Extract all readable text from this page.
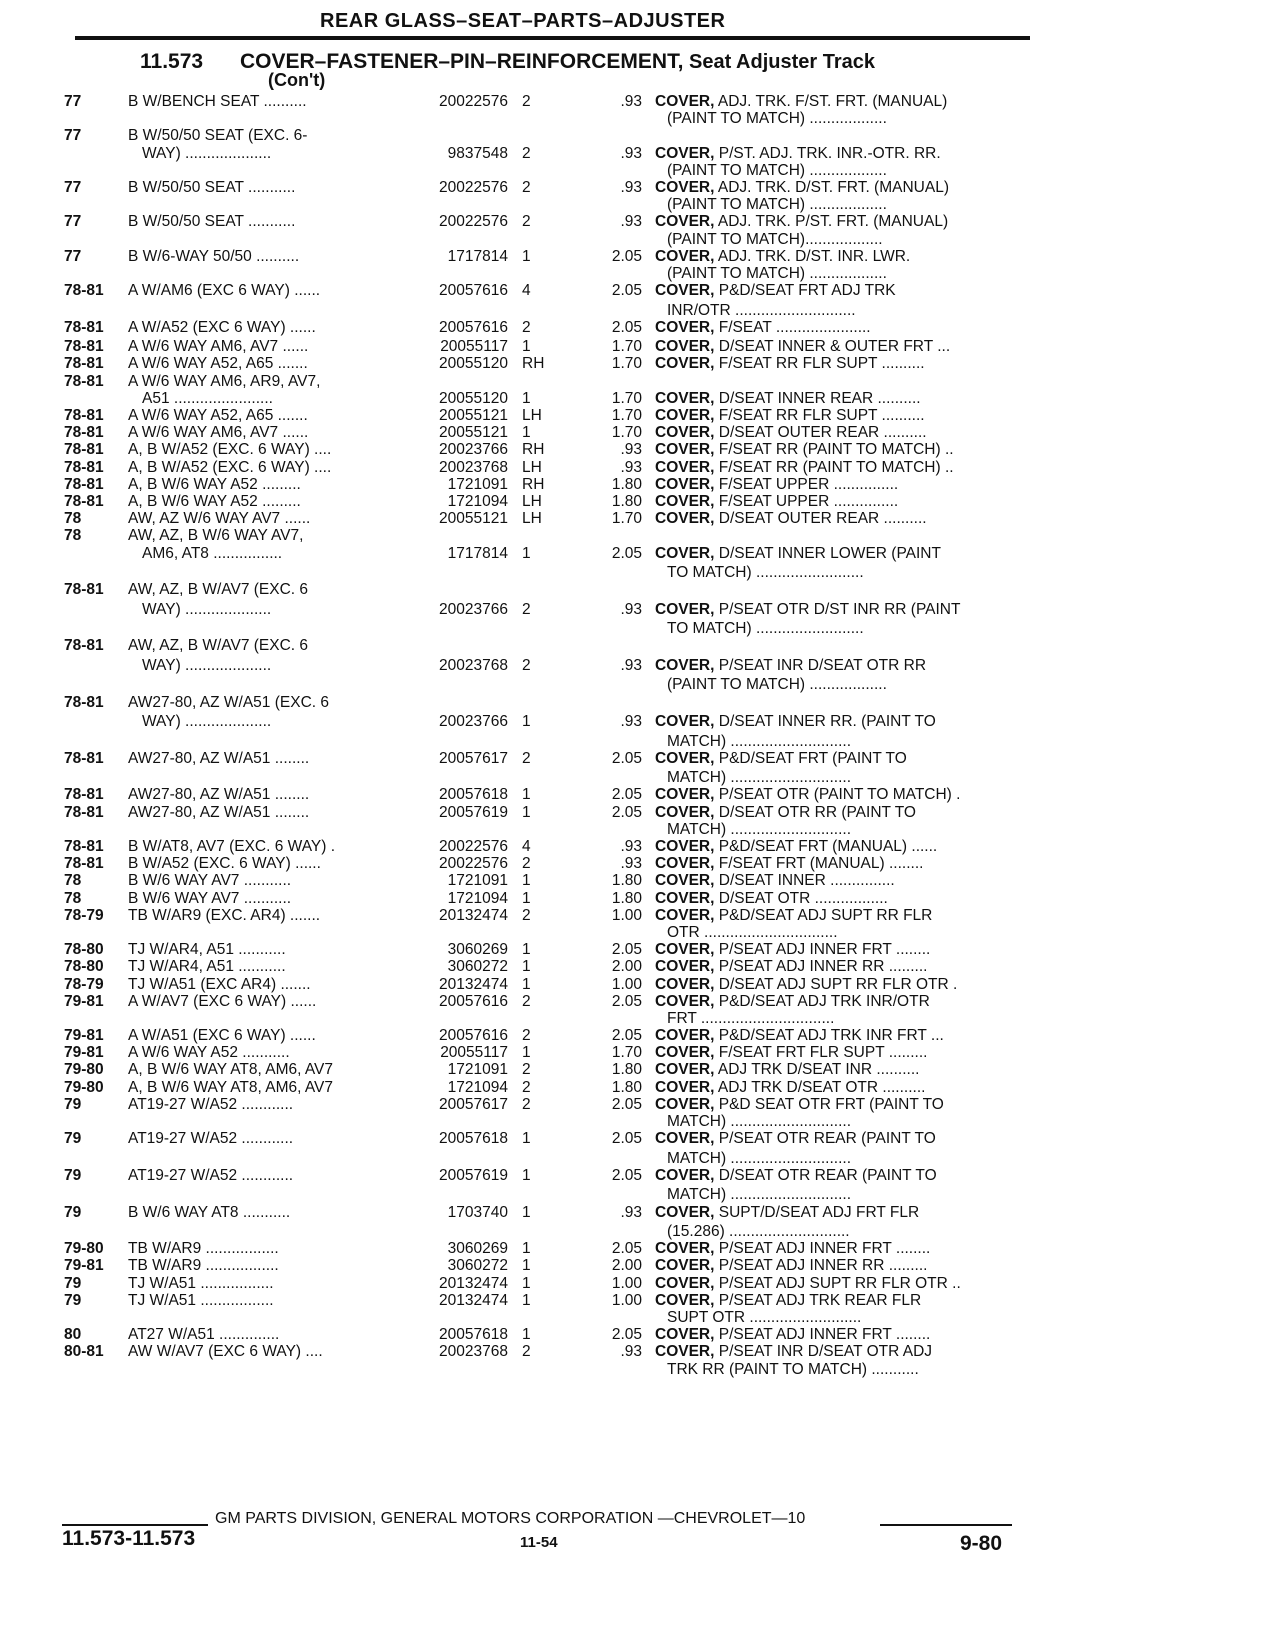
REAR GLASS–SEAT–PARTS–ADJUSTER
11.573 COVER–FASTENER–PIN–REINFORCEMENT, Seat Adjuster Track
(Con't)
77	B W/BENCH SEAT ..........	20022576 2	.93 COVER, ADJ. TRK. F/ST. FRT. (MANUAL)
(PAINT TO MATCH) ..................
77	B W/50/50 SEAT (EXC. 6-
WAY) ....................	9837548 2	.93 COVER, P/ST. ADJ. TRK. INR.-OTR. RR.
(PAINT TO MATCH) ..................
77	B W/50/50 SEAT ...........	20022576 2	.93 COVER, ADJ. TRK. D/ST. FRT. (MANUAL)
(PAINT TO MATCH) ..................
77	B W/50/50 SEAT ...........	20022576 2	.93 COVER, ADJ. TRK. P/ST. FRT. (MANUAL)
(PAINT TO MATCH)..................
77	B W/6-WAY 50/50 ..........	1717814 1	2.05 COVER, ADJ. TRK. D/ST. INR. LWR.
(PAINT TO MATCH) ..................
78-81	A W/AM6 (EXC 6 WAY) ......	20057616 4	2.05 COVER, P&D/SEAT FRT ADJ TRK
INR/OTR ............................
78-81	A W/A52 (EXC 6 WAY) ......	20057616 2	2.05 COVER, F/SEAT ......................
78-81	A W/6 WAY AM6, AV7 ......	20055117 1	1.70 COVER, D/SEAT INNER & OUTER FRT ...
78-81	A W/6 WAY A52, A65 .......	20055120 RH	1.70 COVER, F/SEAT RR FLR SUPT ..........
78-81	A W/6 WAY AM6, AR9, AV7,
A51 .......................	20055120 1	1.70 COVER, D/SEAT INNER REAR ..........
78-81	A W/6 WAY A52, A65 .......	20055121 LH	1.70 COVER, F/SEAT RR FLR SUPT ..........
78-81	A W/6 WAY AM6, AV7 ......	20055121 1	1.70 COVER, D/SEAT OUTER REAR ..........
78-81	A, B W/A52 (EXC. 6 WAY) ....	20023766 RH	.93 COVER, F/SEAT RR (PAINT TO MATCH) ..
78-81	A, B W/A52 (EXC. 6 WAY) ....	20023768 LH	.93 COVER, F/SEAT RR (PAINT TO MATCH) ..
78-81	A, B W/6 WAY A52 .........	1721091 RH	1.80 COVER, F/SEAT UPPER ...............
78-81	A, B W/6 WAY A52 .........	1721094 LH	1.80 COVER, F/SEAT UPPER ...............
78	AW, AZ W/6 WAY AV7 ......	20055121 LH	1.70 COVER, D/SEAT OUTER REAR ..........
78	AW, AZ, B W/6 WAY AV7,
AM6, AT8 ................	1717814 1	2.05 COVER, D/SEAT INNER LOWER (PAINT
TO MATCH) .........................
78-81	AW, AZ, B W/AV7 (EXC. 6
WAY) ....................	20023766 2	.93 COVER, P/SEAT OTR D/ST INR RR (PAINT
TO MATCH) .........................
78-81	AW, AZ, B W/AV7 (EXC. 6
WAY) ....................	20023768 2	.93 COVER, P/SEAT INR D/SEAT OTR RR
(PAINT TO MATCH) ..................
78-81	AW27-80, AZ W/A51 (EXC. 6
WAY) ....................	20023766 1	.93 COVER, D/SEAT INNER RR. (PAINT TO
MATCH) ............................
78-81	AW27-80, AZ W/A51 ........	20057617 2	2.05 COVER, P&D/SEAT FRT (PAINT TO
MATCH) ............................
78-81	AW27-80, AZ W/A51 ........	20057618 1	2.05 COVER, P/SEAT OTR (PAINT TO MATCH) .
78-81	AW27-80, AZ W/A51 ........	20057619 1	2.05 COVER, D/SEAT OTR RR (PAINT TO
MATCH) ............................
78-81	B W/AT8, AV7 (EXC. 6 WAY) .	20022576 4	.93 COVER, P&D/SEAT FRT (MANUAL) ......
78-81	B W/A52 (EXC. 6 WAY) ......	20022576 2	.93 COVER, F/SEAT FRT (MANUAL) ........
78	B W/6 WAY AV7 ...........	1721091 1	1.80 COVER, D/SEAT INNER ...............
78	B W/6 WAY AV7 ...........	1721094 1	1.80 COVER, D/SEAT OTR .................
78-79	TB W/AR9 (EXC. AR4) .......	20132474 2	1.00 COVER, P&D/SEAT ADJ SUPT RR FLR
OTR ...............................
78-80	TJ W/AR4, A51 ...........	3060269 1	2.05 COVER, P/SEAT ADJ INNER FRT ........
78-80	TJ W/AR4, A51 ...........	3060272 1	2.00 COVER, P/SEAT ADJ INNER RR .........
78-79	TJ W/A51 (EXC AR4) .......	20132474 1	1.00 COVER, D/SEAT ADJ SUPT RR FLR OTR .
79-81	A W/AV7 (EXC 6 WAY) ......	20057616 2	2.05 COVER, P&D/SEAT ADJ TRK INR/OTR
FRT ...............................
79-81	A W/A51 (EXC 6 WAY) ......	20057616 2	2.05 COVER, P&D/SEAT ADJ TRK INR FRT ...
79-81	A W/6 WAY A52 ...........	20055117 1	1.70 COVER, F/SEAT FRT FLR SUPT .........
79-80	A, B W/6 WAY AT8, AM6, AV7	1721091 2	1.80 COVER, ADJ TRK D/SEAT INR ..........
79-80	A, B W/6 WAY AT8, AM6, AV7	1721094 2	1.80 COVER, ADJ TRK D/SEAT OTR ..........
79	AT19-27 W/A52 ............	20057617 2	2.05 COVER, P&D SEAT OTR FRT (PAINT TO
MATCH) ............................
79	AT19-27 W/A52 ............	20057618 1	2.05 COVER, P/SEAT OTR REAR (PAINT TO
MATCH) ............................
79	AT19-27 W/A52 ............	20057619 1	2.05 COVER, D/SEAT OTR REAR (PAINT TO
MATCH) ............................
79	B W/6 WAY AT8 ...........	1703740 1	.93 COVER, SUPT/D/SEAT ADJ FRT FLR
(15.286) ............................
79-80	TB W/AR9 .................	3060269 1	2.05 COVER, P/SEAT ADJ INNER FRT ........
79-81	TB W/AR9 .................	3060272 1	2.00 COVER, P/SEAT ADJ INNER RR .........
79	TJ W/A51 .................	20132474 1	1.00 COVER, P/SEAT ADJ SUPT RR FLR OTR ..
79	TJ W/A51 .................	20132474 1	1.00 COVER, P/SEAT ADJ TRK REAR FLR
SUPT OTR ..........................
80	AT27 W/A51 ..............	20057618 1	2.05 COVER, P/SEAT ADJ INNER FRT ........
80-81	AW W/AV7 (EXC 6 WAY) ....	20023768 2	.93 COVER, P/SEAT INR D/SEAT OTR ADJ
TRK RR (PAINT TO MATCH) ...........
GM PARTS DIVISION, GENERAL MOTORS CORPORATION —CHEVROLET—10
11.573-11.573	11-54	9-80
